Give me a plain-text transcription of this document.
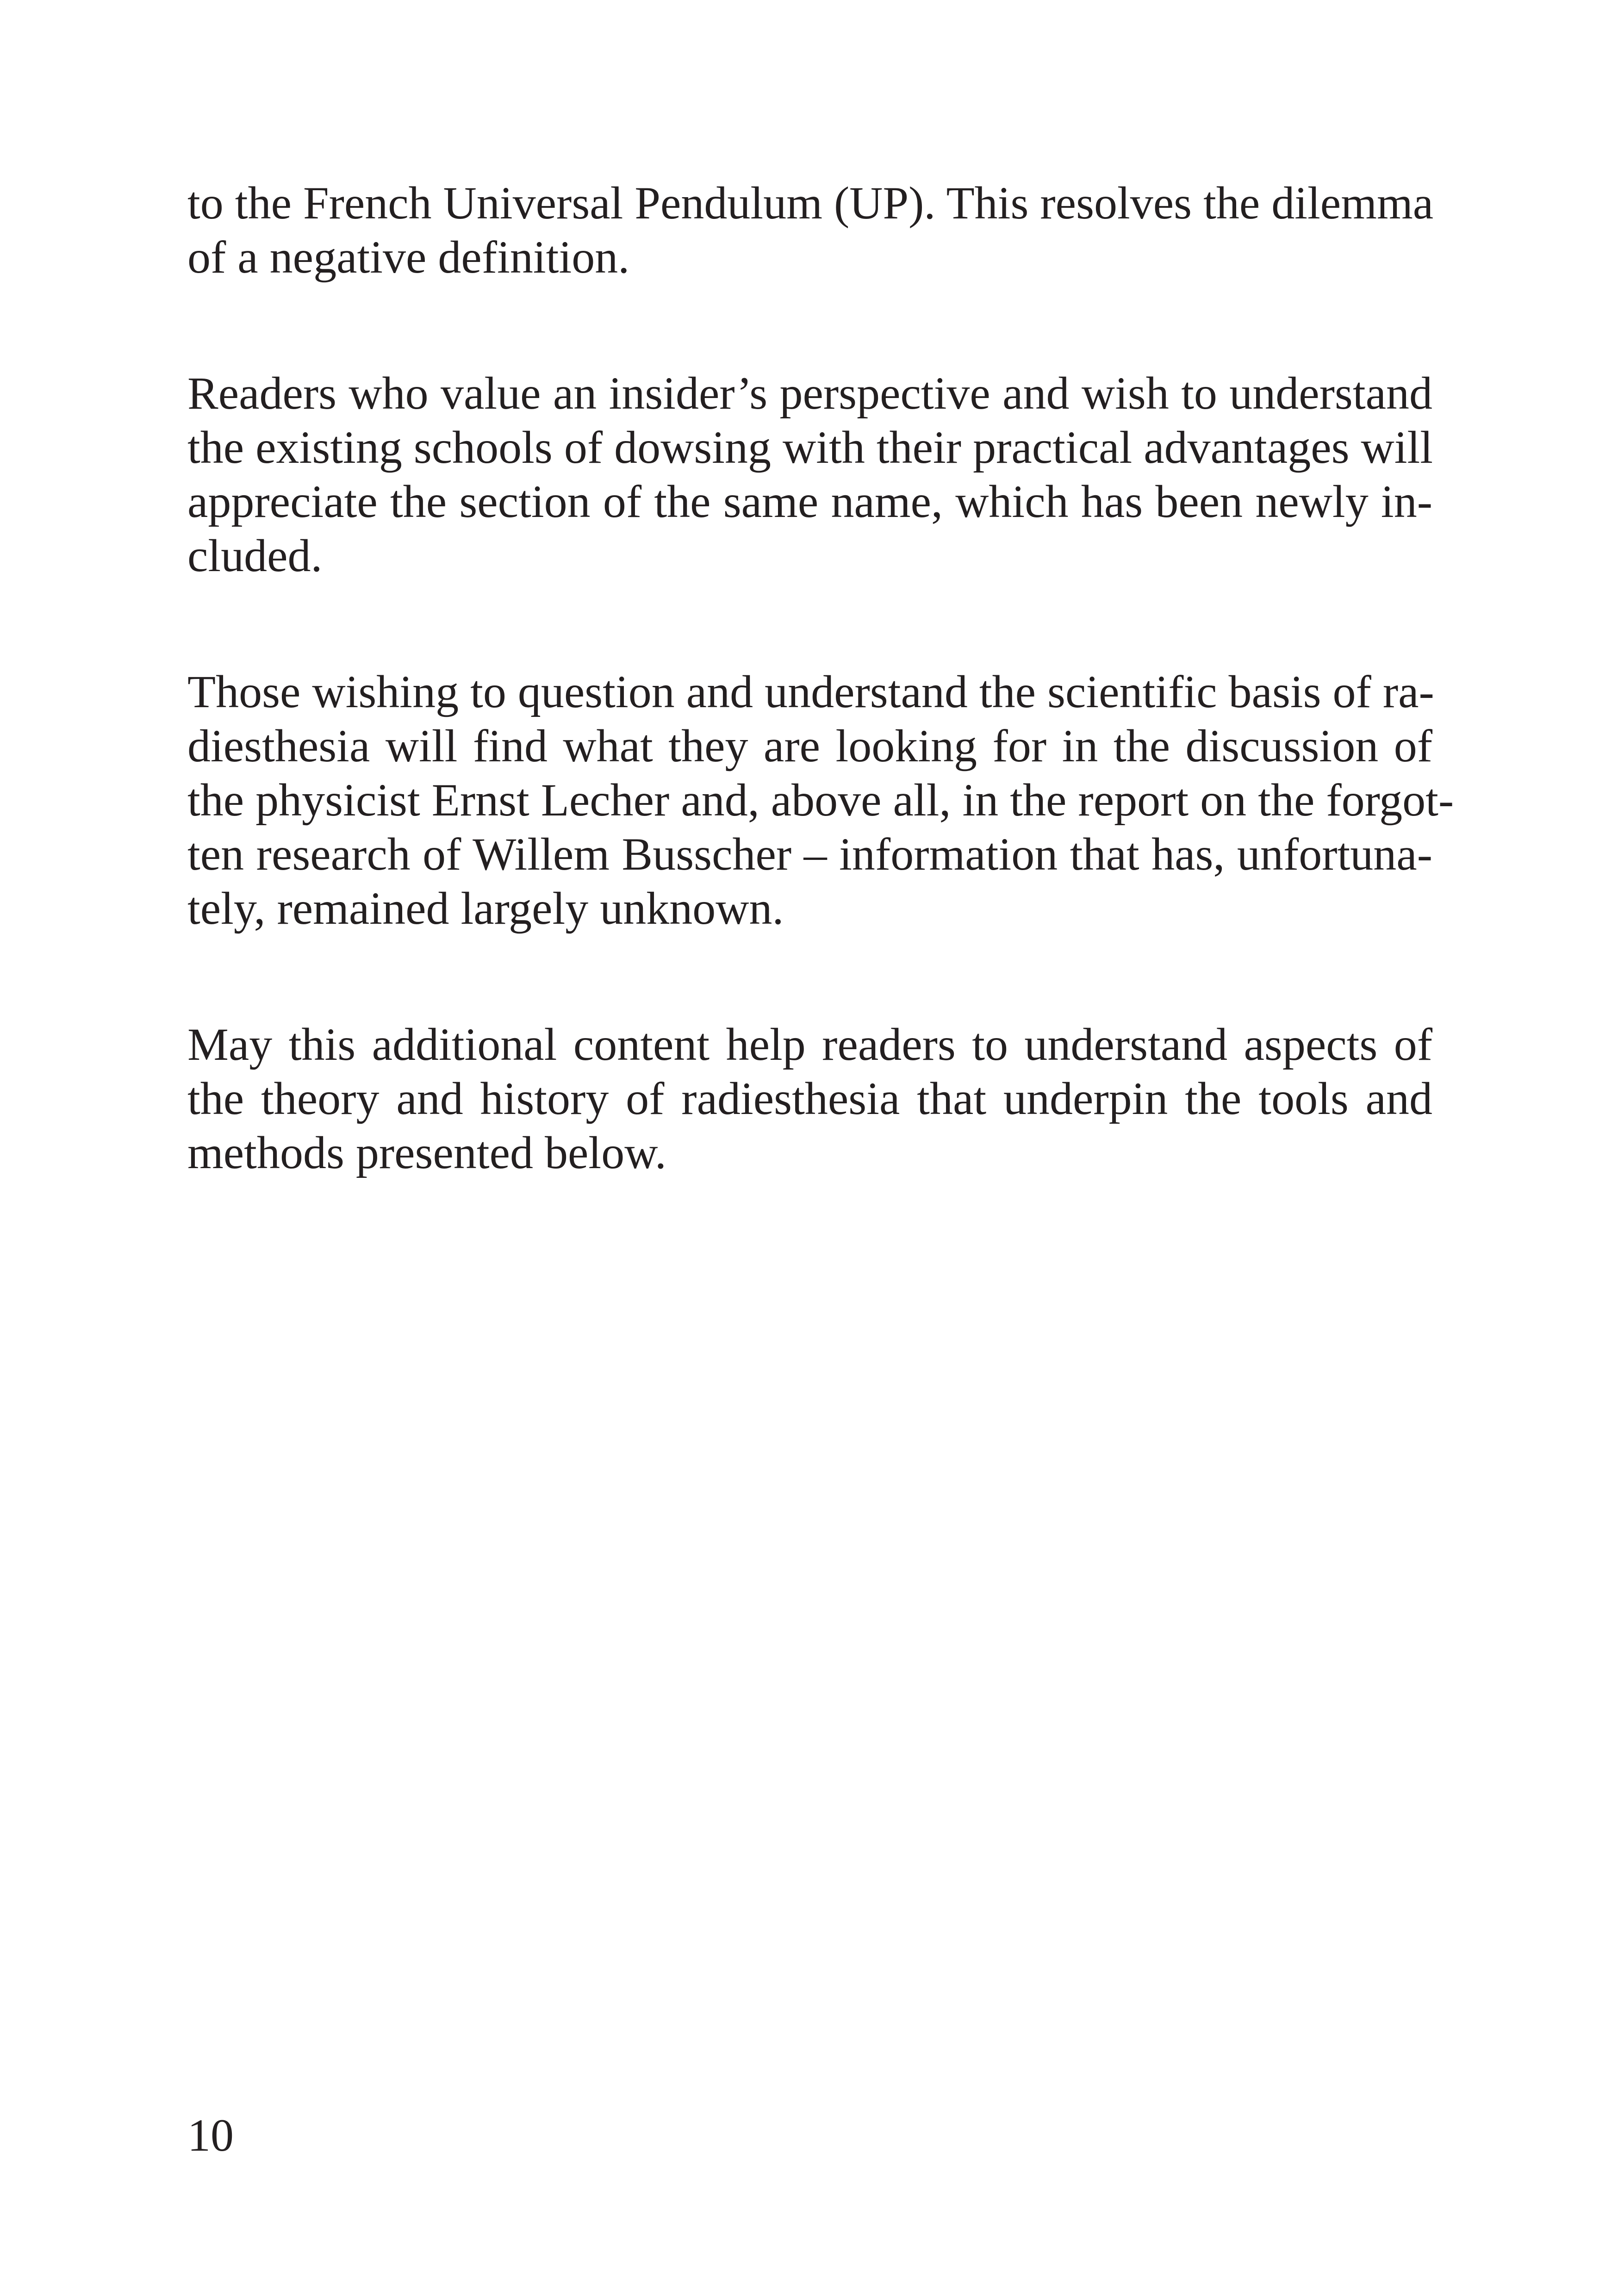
to the French Universal Pendulum (UP). This resolves the dilemma
of a negative definition.

Readers who value an insider’s perspective and wish to understand
the existing schools of dowsing with their practical advantages will
appreciate the section of the same name, which has been newly in-
cluded.

Those wishing to question and understand the scientific basis of ra-
diesthesia will find what they are looking for in the discussion of
the physicist Ernst Lecher and, above all, in the report on the forgot-
ten research of Willem Busscher – information that has, unfortuna-
tely, remained largely unknown.

May this additional content help readers to understand aspects of
the theory and history of radiesthesia that underpin the tools and
methods presented below.

10
